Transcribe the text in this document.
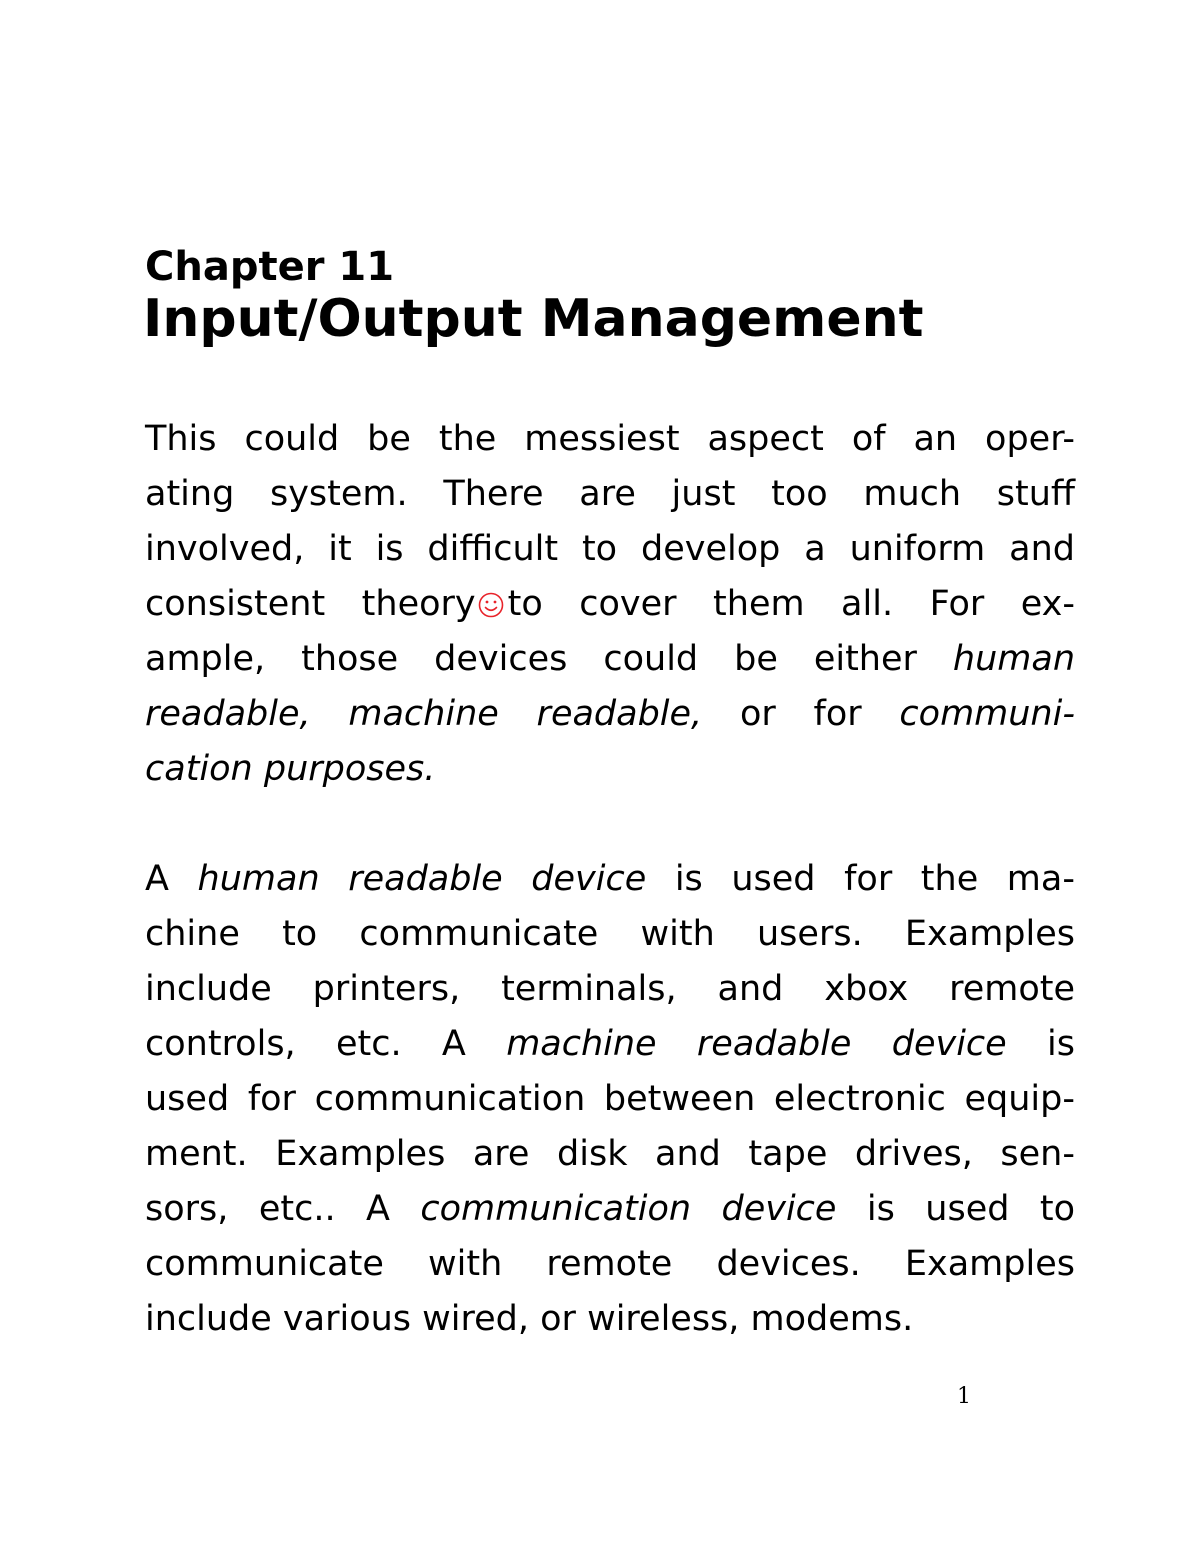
Chapter 11
Input/Output Management
This could be the messiest aspect of an oper-
ating system. There are just too much stuff
involved, it is difficult to develop a uniform and
consistent theory to cover them all. For ex-
ample, those devices could be either human
readable, machine readable, or for communi-
cation purposes.
A human readable device is used for the ma-
chine to communicate with users. Examples
include printers, terminals, and xbox remote
controls, etc. A machine readable device is
used for communication between electronic equip-
ment. Examples are disk and tape drives, sen-
sors, etc.. A communication device is used to
communicate with remote devices. Examples
include various wired, or wireless, modems.
1
